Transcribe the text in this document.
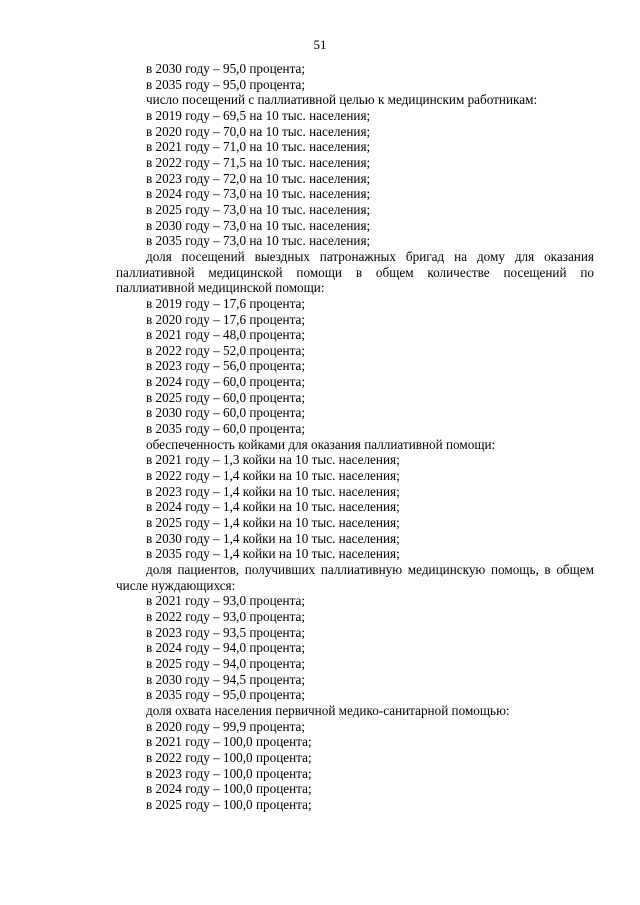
51
в 2030 году – 95,0 процента;
в 2035 году – 95,0 процента;
число посещений с паллиативной целью к медицинским работникам:
в 2019 году – 69,5 на 10 тыс. населения;
в 2020 году – 70,0 на 10 тыс. населения;
в 2021 году – 71,0 на 10 тыс. населения;
в 2022 году – 71,5 на 10 тыс. населения;
в 2023 году – 72,0 на 10 тыс. населения;
в 2024 году – 73,0 на 10 тыс. населения;
в 2025 году – 73,0 на 10 тыс. населения;
в 2030 году – 73,0 на 10 тыс. населения;
в 2035 году – 73,0 на 10 тыс. населения;
доля посещений выездных патронажных бригад на дому для оказания паллиативной медицинской помощи в общем количестве посещений по паллиативной медицинской помощи:
в 2019 году – 17,6 процента;
в 2020 году – 17,6 процента;
в 2021 году – 48,0 процента;
в 2022 году – 52,0 процента;
в 2023 году – 56,0 процента;
в 2024 году – 60,0 процента;
в 2025 году – 60,0 процента;
в 2030 году – 60,0 процента;
в 2035 году – 60,0 процента;
обеспеченность койками для оказания паллиативной помощи:
в 2021 году – 1,3 койки на 10 тыс. населения;
в 2022 году – 1,4 койки на 10 тыс. населения;
в 2023 году – 1,4 койки на 10 тыс. населения;
в 2024 году – 1,4 койки на 10 тыс. населения;
в 2025 году – 1,4 койки на 10 тыс. населения;
в 2030 году – 1,4 койки на 10 тыс. населения;
в 2035 году – 1,4 койки на 10 тыс. населения;
доля пациентов, получивших паллиативную медицинскую помощь, в общем числе нуждающихся:
в 2021 году – 93,0 процента;
в 2022 году – 93,0 процента;
в 2023 году – 93,5 процента;
в 2024 году – 94,0 процента;
в 2025 году – 94,0 процента;
в 2030 году – 94,5 процента;
в 2035 году – 95,0 процента;
доля охвата населения первичной медико-санитарной помощью:
в 2020 году – 99,9 процента;
в 2021 году – 100,0 процента;
в 2022 году – 100,0 процента;
в 2023 году – 100,0 процента;
в 2024 году – 100,0 процента;
в 2025 году – 100,0 процента;
